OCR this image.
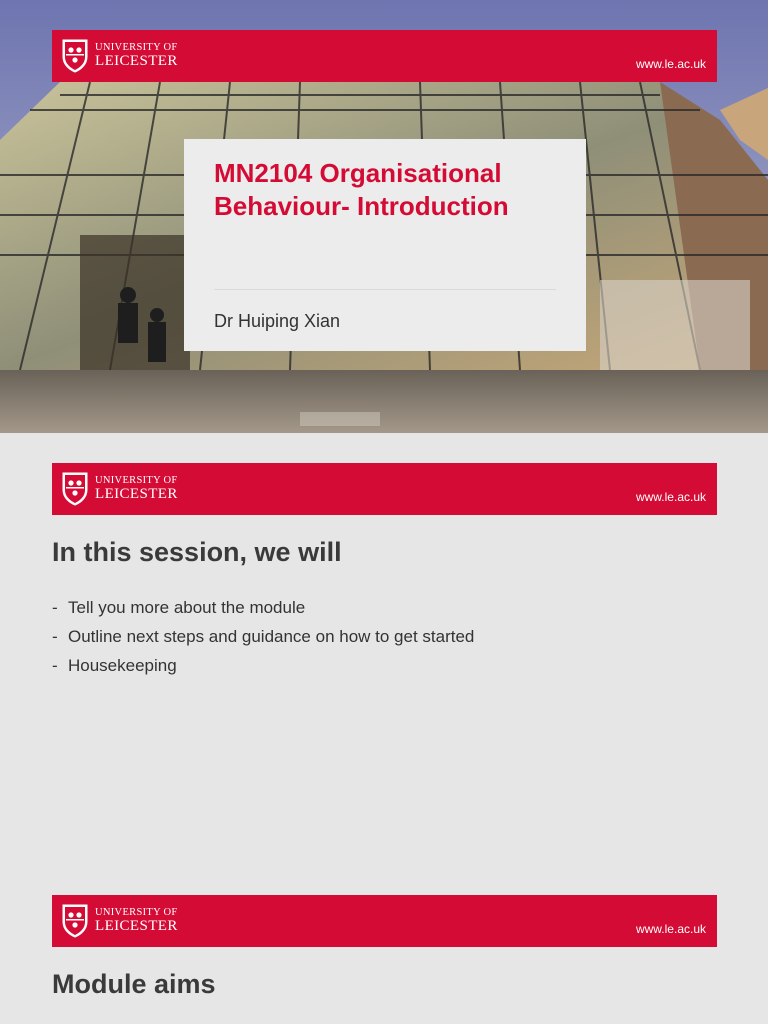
UNIVERSITY OF
LEICESTER	www.le.ac.uk
MN2104 Organisational Behaviour- Introduction
Dr Huiping Xian
UNIVERSITY OF
LEICESTER	www.le.ac.uk
In this session, we will
- Tell you more about the module
- Outline next steps and guidance on how to get started
- Housekeeping
UNIVERSITY OF
LEICESTER	www.le.ac.uk
Module aims
